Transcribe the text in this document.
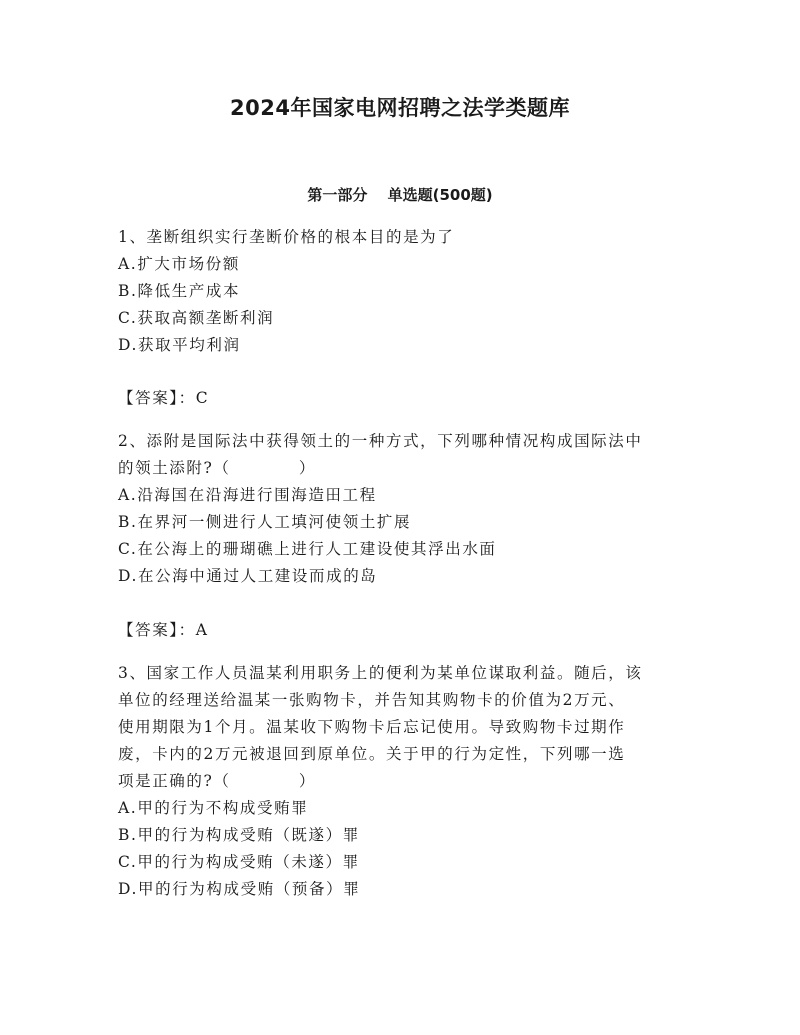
2024年国家电网招聘之法学类题库
第一部分　 单选题(500题)

1、垄断组织实行垄断价格的根本目的是为了

A.扩大市场份额

B.降低生产成本

C.获取高额垄断利润

D.获取平均利润

【答案】：C

2、添附是国际法中获得领土的一种方式，下列哪种情况构成国际法中

的领土添附?（　　　　）

A.沿海国在沿海进行围海造田工程

B.在界河一侧进行人工填河使领土扩展

C.在公海上的珊瑚礁上进行人工建设使其浮出水面

D.在公海中通过人工建设而成的岛

【答案】：A

3、国家工作人员温某利用职务上的便利为某单位谋取利益。随后，该

单位的经理送给温某一张购物卡，并告知其购物卡的价值为2万元、

使用期限为1个月。温某收下购物卡后忘记使用。导致购物卡过期作

废，卡内的2万元被退回到原单位。关于甲的行为定性，下列哪一选

项是正确的?（　　　　）

A.甲的行为不构成受贿罪

B.甲的行为构成受贿（既遂）罪

C.甲的行为构成受贿（未遂）罪

D.甲的行为构成受贿（预备）罪
